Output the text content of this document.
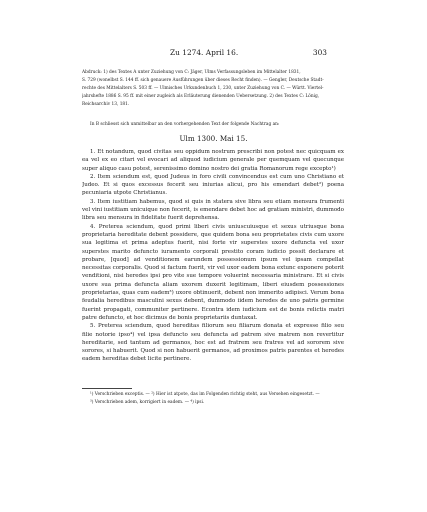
Zu 1274. April 16.	303
Abdruck: 1) des Textes A unter Zuziehung von C: Jäger, Ulms Verfassungsleben im Mittelalter 1831,
S. 729 (wonelbst S. 144 ff. sich genauere Ausführungen über dieses Recht finden). — Gengler, Deutsche Stadt-
rechte des Mittelalters S. 503 ff. — Ulmisches Urkundenbuch 1, 230, unter Zuziehung von C. — Württ. Viertel-
jahrshefte 1886 S. 95 ff. mit einer zugleich als Erläuterung dienenden Uebersetzung. 2) des Textes C: Lönig,
Reichsarchiv 13, 181.
In B schliesst sich unmittelbar an den vorhergehenden Text der folgende Nachtrag an:
Ulm 1300. Mai 15.

1. Et notandum, quod civitas seu oppidum nostrum prescribi non potest nec quicquam ex ea vel ex eo citari vel evocari ad aliquod iudicium generale per quemquam vel quecunque super aliquo casu potest, serenissimo domino nostro dei gratia Romanorum rege excepto¹)

2. Item sciendum est, quod Judeus in foro civili convincendus est cum uno Christiano et Judeo. Et si quos excessus fecerit seu iniurias alicui, pro his emendari debet²) poena pecuniaria utpote Christianus.

3. Item iustitiam habemus, quod si quis in statera sive libra seu etiam mensura frumenti vel vini iustitiam unicuique non fecerit, is emendare debet hoc ad gratiam ministri, dummodo libra seu mensura in fidelitate fuerit deprehensa.

4. Preterea sciendum, quod primi liberi civis uniuscuiusque et sexus utriusque bona proprietaria hereditate debent possidere, que quidem bona seu proprietates civis cum uxore sua legitima et prima adeptus fuerit, nisi forte vir superstes uxore defuncta vel uxor superstes marito defuncto iuramento corporali prestito coram iudicio possit declarare et probare, [quod] ad venditionem earundem possessionum ipsum vel ipsam compellat necessitas corporalis. Quod si factum fuerit, vir vel uxor eadem bona extunc exponere poterit venditioni, nisi heredes ipsi pro vite sue tempore voluerint necessaria ministrare. Et si civis uxore sua prima defuncta aliam uxorem duxerit legitimam, liberi eiusdem possessiones proprietarias, quas cum eadem³) uxore obtinuerit, debent non immerito adipisci. Verum bona feudalia heredibus masculini sexus debent, dummodo iidem heredes de uno patris germine fuerint propagati, communiter pertinere. Econtra idem iudicium est de bonis relictis matri patre defuncto, et hoc dicimus de bonis proprietariis duntaxat.

5. Preterea sciendum, quod hereditas filiorum seu filiarum donata et expresse filio seu filie notorie ipso⁴) vel ipsa defuncto seu defuncta ad patrem sive matrem non revertitur hereditarie, sed tantum ad germanos, hoc est ad fratrem seu fratres vel ad sororem sive sorores, si habuerit. Quod si non habuerit germanos, ad proximos patris parentes et heredes eadem hereditas debet licite pertinere.

¹) Verschrieben exceptis. — ²) Hier ist atpote, das im Folgenden richtig steht, aus Versehen eingesetzt. —
³) Verschrieben adem, korrigiert in eadem. — ⁴) ipsi.
